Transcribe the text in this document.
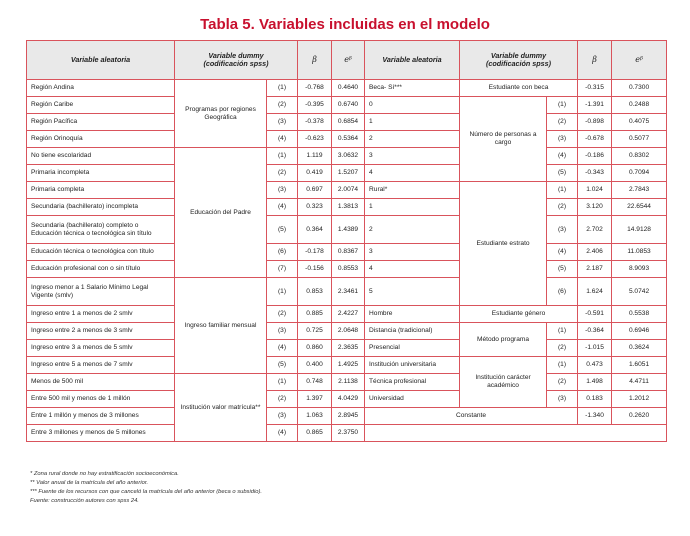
Tabla 5. Variables incluidas en el modelo
Variable aleatoria	Variable dummy
(codificación spss)		β	eᵝ	Variable aleatoria	Variable dummy
(codificación spss)		β	eᵝ
Región Andina	Programas por regiones Geográfica	(1)	-0.768	0.4640	Beca- Sí***	Estudiante con beca		-0.315	0.7300
Región Caribe		(2)	-0.395	0.6740	0	Número de personas a cargo	(1)	-1.391	0.2488
Región Pacífica		(3)	-0.378	0.6854	1		(2)	-0.898	0.4075
Región Orinoquía		(4)	-0.623	0.5364	2		(3)	-0.678	0.5077
No tiene escolaridad	Educación del Padre	(1)	1.119	3.0632	3		(4)	-0.186	0.8302
Primaria incompleta		(2)	0.419	1.5207	4		(5)	-0.343	0.7094
Primaria completa		(3)	0.697	2.0074	Rural*	Estudiante estrato	(1)	1.024	2.7843
Secundaria (bachillerato) incompleta		(4)	0.323	1.3813	1		(2)	3.120	22.6544
Secundaria (bachillerato) completo o Educación técnica o tecnológica sin título		(5)	0.364	1.4389	2		(3)	2.702	14.9128
Educación técnica o tecnológica con título		(6)	-0.178	0.8367	3		(4)	2.406	11.0853
Educación profesional con o sin título		(7)	-0.156	0.8553	4		(5)	2.187	8.9093
Ingreso menor a 1 Salario Mínimo Legal Vigente (smlv)	Ingreso familiar mensual	(1)	0.853	2.3461	5		(6)	1.624	5.0742
Ingreso entre 1 a menos de 2 smlv		(2)	0.885	2.4227	Hombre	Estudiante género		-0.591	0.5538
Ingreso entre 2 a menos de 3 smlv		(3)	0.725	2.0648	Distancia (tradicional)	Método programa	(1)	-0.364	0.6946
Ingreso entre 3 a menos de 5 smlv		(4)	0.860	2.3635	Presencial		(2)	-1.015	0.3624
Ingreso entre 5 a menos de 7 smlv		(5)	0.400	1.4925	Institución universitaria	Institución carácter académico	(1)	0.473	1.6051
Menos de 500 mil	Institución valor matrícula**	(1)	0.748	2.1138	Técnica profesional		(2)	1.498	4.4711
Entre 500 mil y menos de 1 millón		(2)	1.397	4.0429	Universidad		(3)	0.183	1.2012
Entre 1 millón y menos de 3 millones		(3)	1.063	2.8945	Constante			-1.340	0.2620
Entre 3 millones y menos de 5 millones		(4)	0.865	2.3750					
* Zona rural donde no hay estratificación socioeconómica.
** Valor anual de la matrícula del año anterior.
*** Fuente de los recursos con que canceló la matrícula del año anterior (beca o subsidio).
Fuente: construcción autores con spss 24.
